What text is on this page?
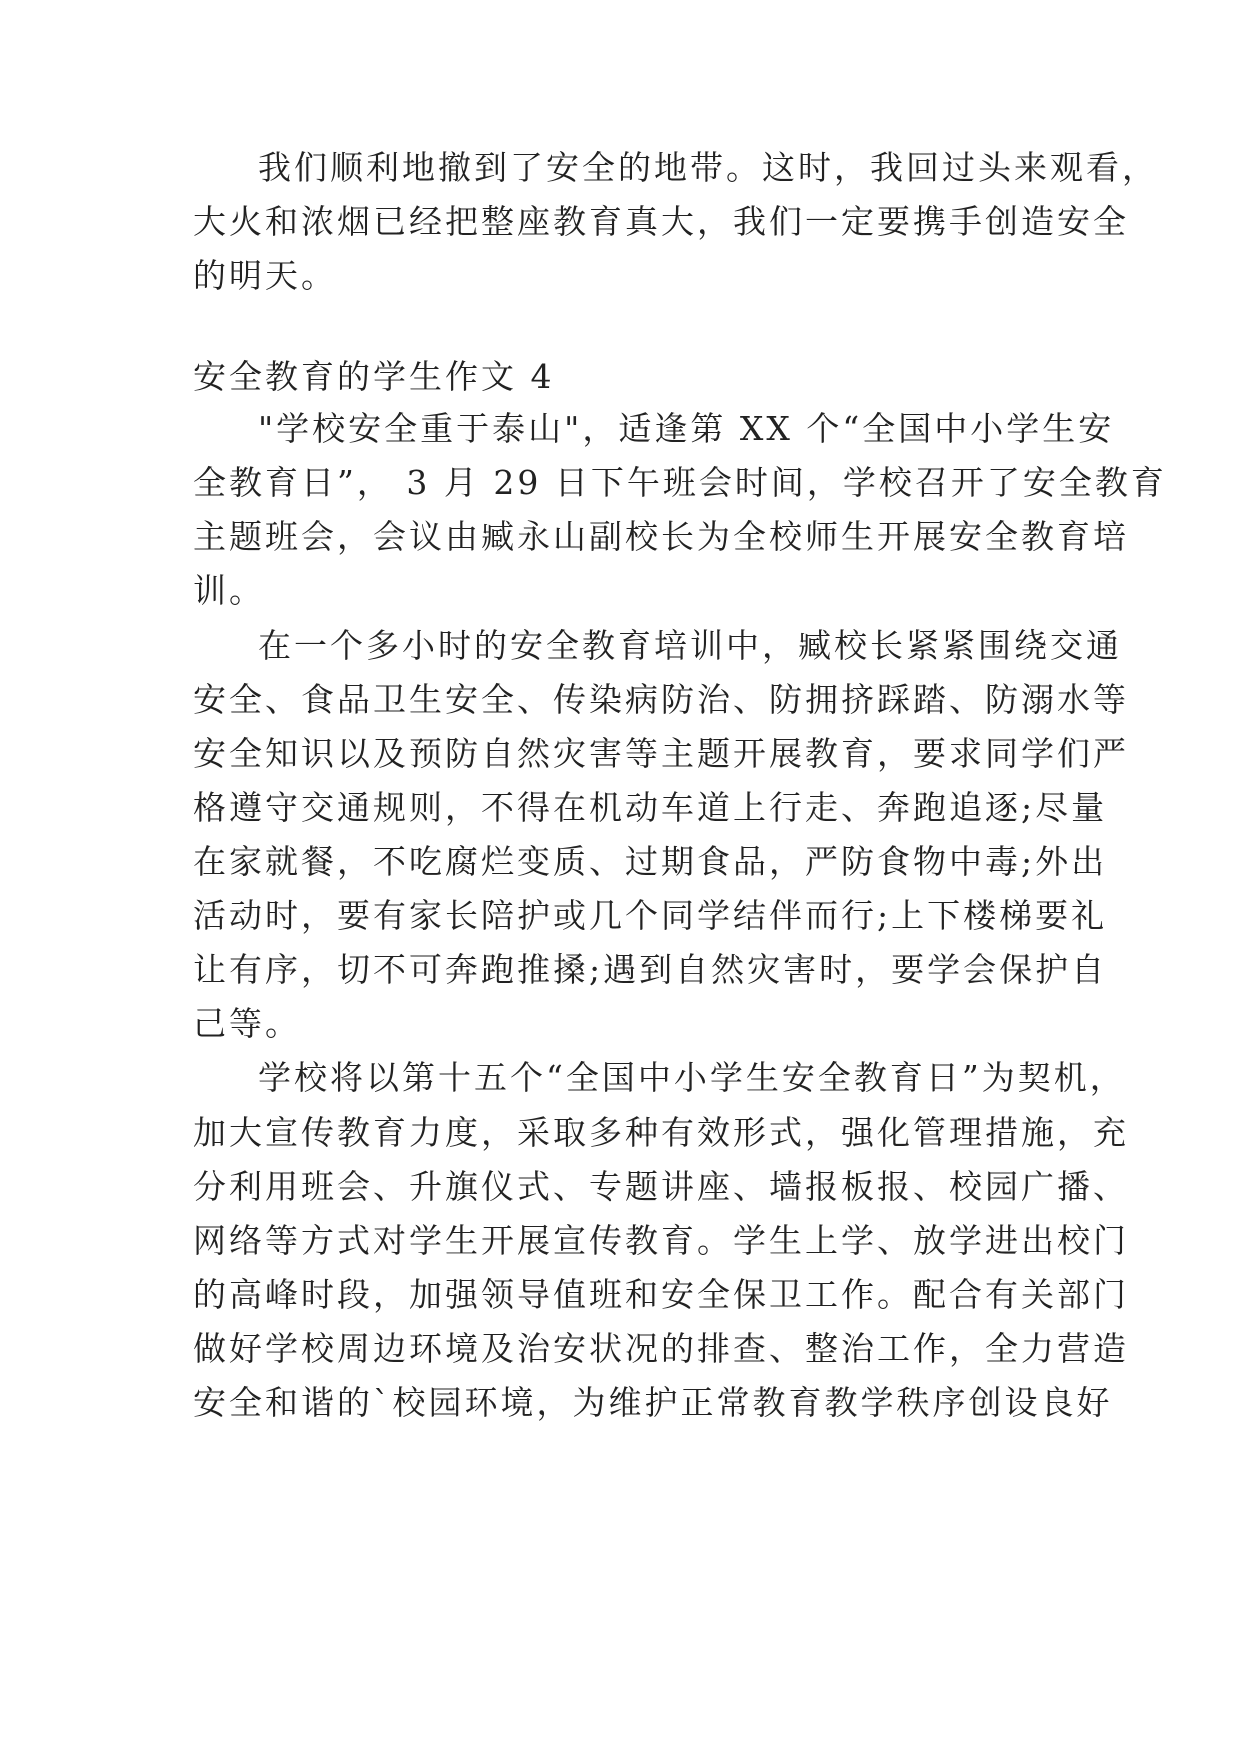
我们顺利地撤到了安全的地带。这时，我回过头来观看，
大火和浓烟已经把整座教育真大，我们一定要携手创造安全
的明天。
安全教育的学生作文 4
"学校安全重于泰山"，适逢第 XX 个“全国中小学生安
全教育日”， 3 月 29 日下午班会时间，学校召开了安全教育
主题班会，会议由臧永山副校长为全校师生开展安全教育培
训。
在一个多小时的安全教育培训中，臧校长紧紧围绕交通
安全、食品卫生安全、传染病防治、防拥挤踩踏、防溺水等
安全知识以及预防自然灾害等主题开展教育，要求同学们严
格遵守交通规则，不得在机动车道上行走、奔跑追逐;尽量
在家就餐，不吃腐烂变质、过期食品，严防食物中毒;外出
活动时，要有家长陪护或几个同学结伴而行;上下楼梯要礼
让有序，切不可奔跑推搡;遇到自然灾害时，要学会保护自
己等。
学校将以第十五个“全国中小学生安全教育日”为契机，
加大宣传教育力度，采取多种有效形式，强化管理措施，充
分利用班会、升旗仪式、专题讲座、墙报板报、校园广播、
网络等方式对学生开展宣传教育。学生上学、放学进出校门
的高峰时段，加强领导值班和安全保卫工作。配合有关部门
做好学校周边环境及治安状况的排查、整治工作，全力营造
安全和谐的`校园环境，为维护正常教育教学秩序创设良好
